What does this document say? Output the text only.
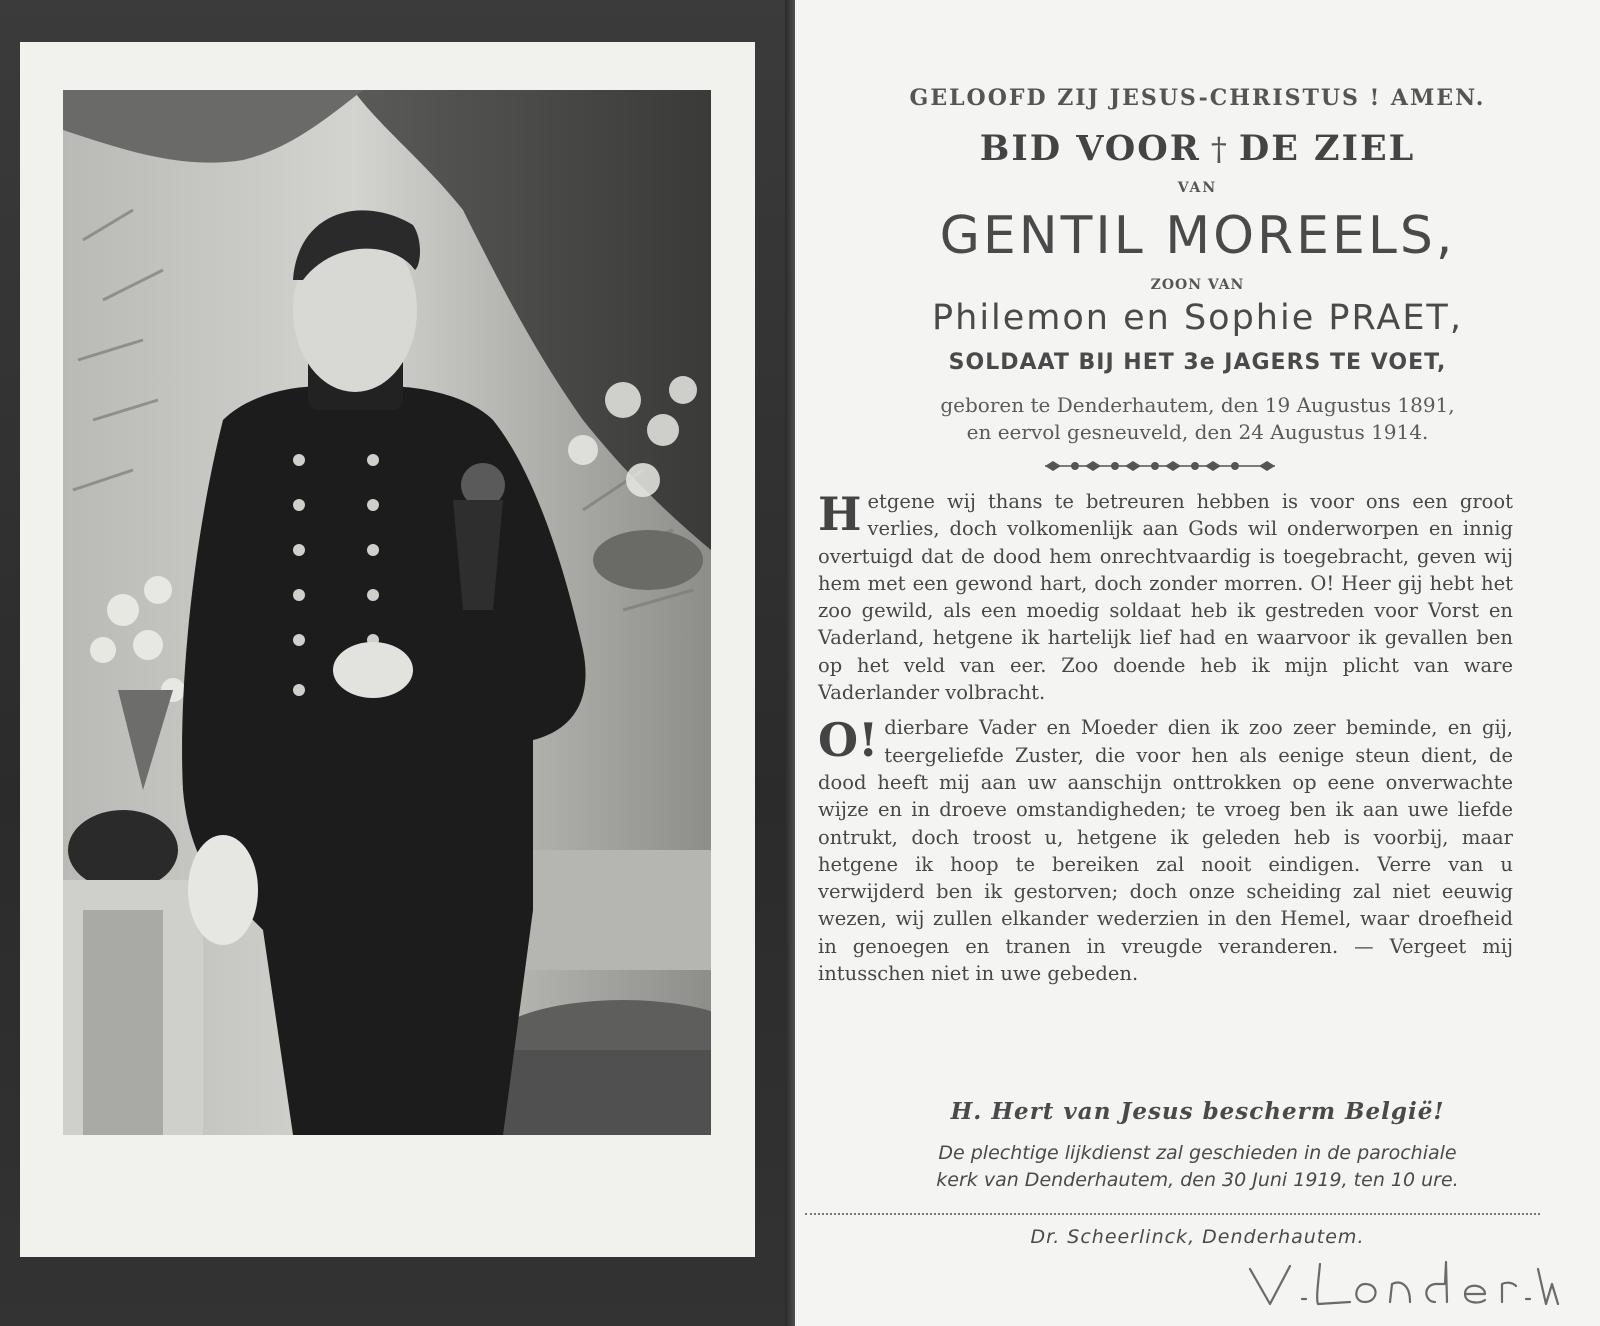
GELOOFD ZIJ JESUS-CHRISTUS ! AMEN.
BID VOOR † DE ZIEL
VAN
GENTIL MOREELS,
ZOON VAN
Philemon en Sophie PRAET,
SOLDAAT BIJ HET 3e JAGERS TE VOET,
geboren te Denderhautem, den 19 Augustus 1891,
en eervol gesneuveld, den 24 Augustus 1914.

Hetgene wij thans te betreuren hebben is voor ons een groot verlies, doch volkomenlijk aan Gods wil onderworpen en innig overtuigd dat de dood hem onrechtvaardig is toegebracht, geven wij hem met een gewond hart, doch zonder morren. O! Heer gij hebt het zoo gewild, als een moedig soldaat heb ik gestreden voor Vorst en Vaderland, hetgene ik hartelijk lief had en waarvoor ik gevallen ben op het veld van eer. Zoo doende heb ik mijn plicht van ware Vaderlander volbracht.

O! dierbare Vader en Moeder dien ik zoo zeer beminde, en gij, teergeliefde Zuster, die voor hen als eenige steun dient, de dood heeft mij aan uw aanschijn onttrokken op eene onverwachte wijze en in droeve omstandigheden; te vroeg ben ik aan uwe liefde ontrukt, doch troost u, hetgene ik geleden heb is voorbij, maar hetgene ik hoop te bereiken zal nooit eindigen. Verre van u verwijderd ben ik gestorven; doch onze scheiding zal niet eeuwig wezen, wij zullen elkander wederzien in den Hemel, waar droefheid in genoegen en tranen in vreugde veranderen. — Vergeet mij intusschen niet in uwe gebeden.

H. Hert van Jesus bescherm België!
De plechtige lijkdienst zal geschieden in de parochiale
kerk van Denderhautem, den 30 Juni 1919, ten 10 ure.
Dr. Scheerlinck, Denderhautem.
